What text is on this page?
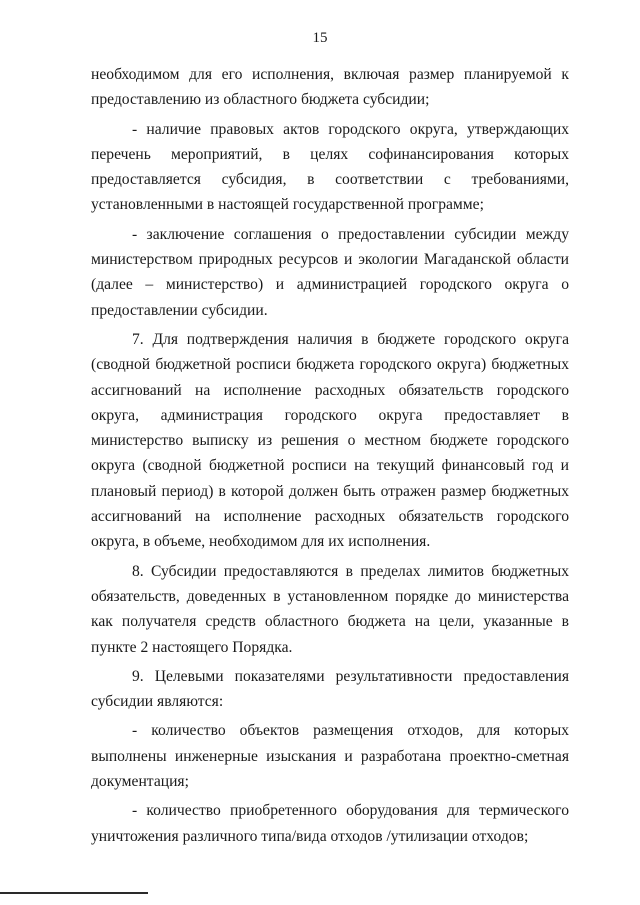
15

необходимом для его исполнения, включая размер планируемой к предоставлению из областного бюджета субсидии;

- наличие правовых актов городского округа, утверждающих перечень мероприятий, в целях софинансирования которых предоставляется субсидия, в соответствии с требованиями, установленными в настоящей государственной программе;

- заключение соглашения о предоставлении субсидии между министерством природных ресурсов и экологии Магаданской области (далее – министерство) и администрацией городского округа о предоставлении субсидии.

7. Для подтверждения наличия в бюджете городского округа (сводной бюджетной росписи бюджета городского округа) бюджетных ассигнований на исполнение расходных обязательств городского округа, администрация городского округа предоставляет в министерство выписку из решения о местном бюджете городского округа (сводной бюджетной росписи на текущий финансовый год и плановый период) в которой должен быть отражен размер бюджетных ассигнований на исполнение расходных обязательств городского округа, в объеме, необходимом для их исполнения.

8. Субсидии предоставляются в пределах лимитов бюджетных обязательств, доведенных в установленном порядке до министерства как получателя средств областного бюджета на цели, указанные в пункте 2 настоящего Порядка.

9. Целевыми показателями результативности предоставления субсидии являются:

- количество объектов размещения отходов, для которых выполнены инженерные изыскания и разработана проектно-сметная документация;

- количество приобретенного оборудования для термического уничтожения различного типа/вида отходов /утилизации отходов;
